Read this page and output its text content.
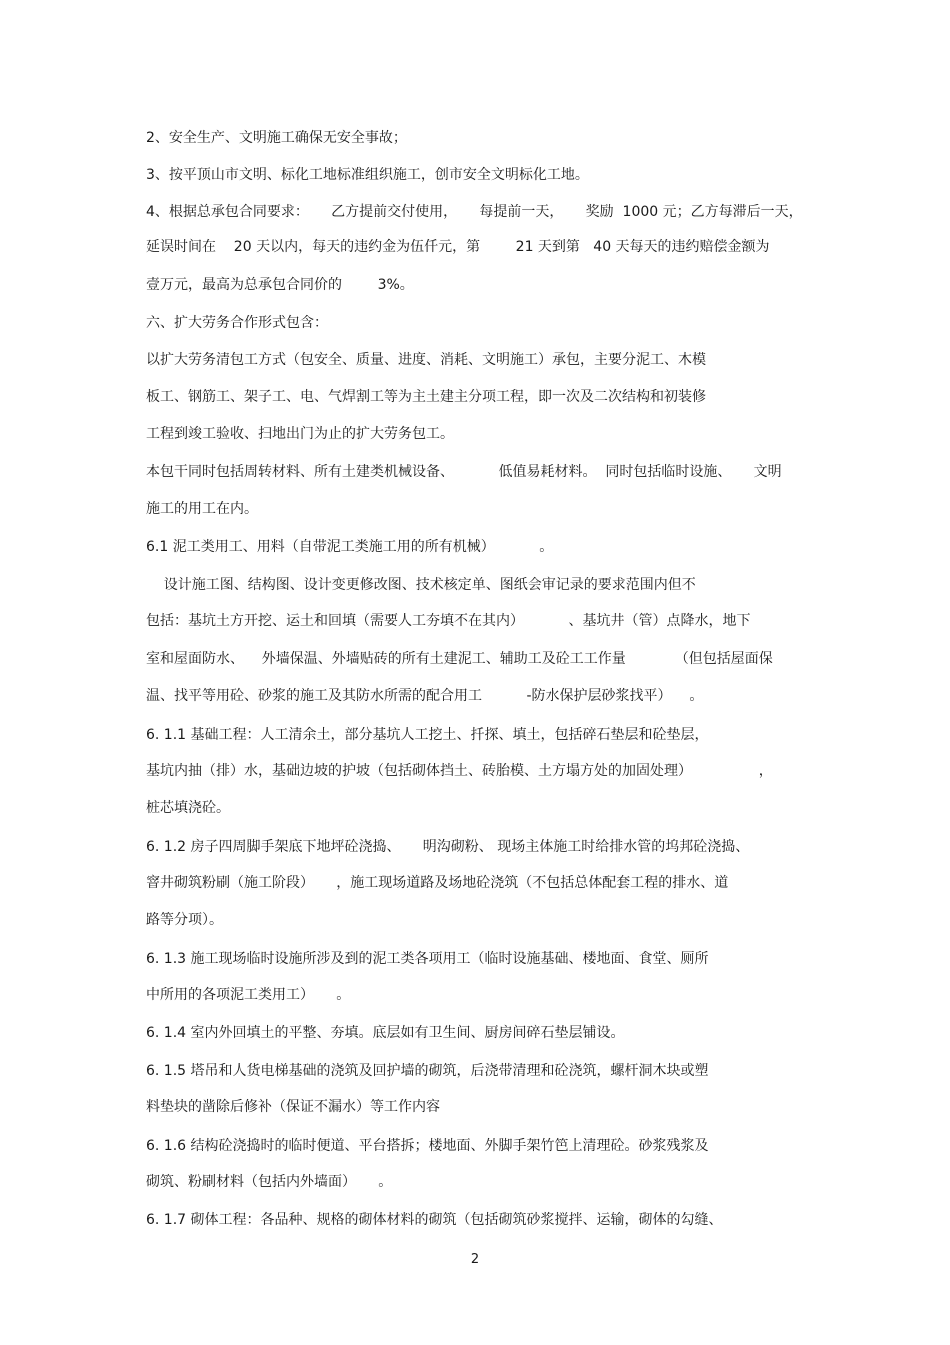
2、安全生产、文明施工确保无安全事故；
3、按平顶山市文明、标化工地标准组织施工，创市安全文明标化工地。
4、根据总承包合同要求：     乙方提前交付使用，     每提前一天，     奖励  1000 元；乙方每滞后一天，
延误时间在    20 天以内，每天的违约金为伍仟元，第        21 天到第   40 天每天的违约赔偿金额为
壹万元，最高为总承包合同价的        3%。
六、扩大劳务合作形式包含：
以扩大劳务清包工方式（包安全、质量、进度、消耗、文明施工）承包，主要分泥工、木模
板工、钢筋工、架子工、电、气焊割工等为主土建主分项工程，即一次及二次结构和初装修
工程到竣工验收、扫地出门为止的扩大劳务包工。
本包干同时包括周转材料、所有土建类机械设备、          低值易耗材料。  同时包括临时设施、     文明
施工的用工在内。
6.1 泥工类用工、用料（自带泥工类施工用的所有机械）          。
设计施工图、结构图、设计变更修改图、技术核定单、图纸会审记录的要求范围内但不
包括：基坑土方开挖、运土和回填（需要人工夯填不在其内）          、基坑井（管）点降水，地下
室和屋面防水、    外墙保温、外墙贴砖的所有土建泥工、辅助工及砼工工作量           （但包括屋面保
温、找平等用砼、砂浆的施工及其防水所需的配合用工          -防水保护层砂浆找平）    。
6. 1.1 基础工程：人工清余土，部分基坑人工挖土、扦探、填土，包括碎石垫层和砼垫层，
基坑内抽（排）水，基础边坡的护坡（包括砌体挡土、砖胎模、土方塌方处的加固处理）               ，
桩芯填浇砼。
6. 1.2 房子四周脚手架底下地坪砼浇捣、     明沟砌粉、 现场主体施工时给排水管的坞邦砼浇捣、
窨井砌筑粉刷（施工阶段）     ，施工现场道路及场地砼浇筑（不包括总体配套工程的排水、道
路等分项）。
6. 1.3 施工现场临时设施所涉及到的泥工类各项用工（临时设施基础、楼地面、食堂、厕所
中所用的各项泥工类用工）     。
6. 1.4 室内外回填土的平整、夯填。底层如有卫生间、厨房间碎石垫层铺设。
6. 1.5 塔吊和人货电梯基础的浇筑及回护墙的砌筑，后浇带清理和砼浇筑，螺杆洞木块或塑
料垫块的凿除后修补（保证不漏水）等工作内容
6. 1.6 结构砼浇捣时的临时便道、平台搭拆；楼地面、外脚手架竹笆上清理砼。砂浆残浆及
砌筑、粉刷材料（包括内外墙面）     。
6. 1.7 砌体工程：各品种、规格的砌体材料的砌筑（包括砌筑砂浆搅拌、运输，砌体的勾缝、
2
